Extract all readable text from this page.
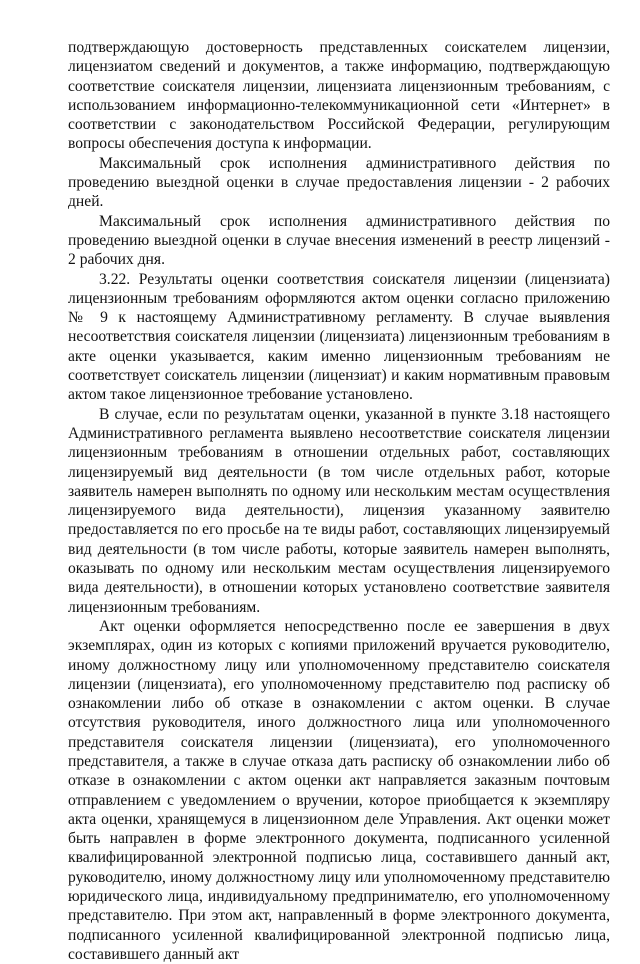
подтверждающую достоверность представленных соискателем лицензии, лицензиатом сведений и документов, а также информацию, подтверждающую соответствие соискателя лицензии, лицензиата лицензионным требованиям, с использованием информационно-телекоммуникационной сети «Интернет» в соответствии с законодательством Российской Федерации, регулирующим вопросы обеспечения доступа к информации.

Максимальный срок исполнения административного действия по проведению выездной оценки в случае предоставления лицензии - 2 рабочих дней.

Максимальный срок исполнения административного действия по проведению выездной оценки в случае внесения изменений в реестр лицензий - 2 рабочих дня.

3.22. Результаты оценки соответствия соискателя лицензии (лицензиата) лицензионным требованиям оформляются актом оценки согласно приложению № 9 к настоящему Административному регламенту. В случае выявления несоответствия соискателя лицензии (лицензиата) лицензионным требованиям в акте оценки указывается, каким именно лицензионным требованиям не соответствует соискатель лицензии (лицензиат) и каким нормативным правовым актом такое лицензионное требование установлено.

В случае, если по результатам оценки, указанной в пункте 3.18 настоящего Административного регламента выявлено несоответствие соискателя лицензии лицензионным требованиям в отношении отдельных работ, составляющих лицензируемый вид деятельности (в том числе отдельных работ, которые заявитель намерен выполнять по одному или нескольким местам осуществления лицензируемого вида деятельности), лицензия указанному заявителю предоставляется по его просьбе на те виды работ, составляющих лицензируемый вид деятельности (в том числе работы, которые заявитель намерен выполнять, оказывать по одному или нескольким местам осуществления лицензируемого вида деятельности), в отношении которых установлено соответствие заявителя лицензионным требованиям.

Акт оценки оформляется непосредственно после ее завершения в двух экземплярах, один из которых с копиями приложений вручается руководителю, иному должностному лицу или уполномоченному представителю соискателя лицензии (лицензиата), его уполномоченному представителю под расписку об ознакомлении либо об отказе в ознакомлении с актом оценки. В случае отсутствия руководителя, иного должностного лица или уполномоченного представителя соискателя лицензии (лицензиата), его уполномоченного представителя, а также в случае отказа дать расписку об ознакомлении либо об отказе в ознакомлении с актом оценки акт направляется заказным почтовым отправлением с уведомлением о вручении, которое приобщается к экземпляру акта оценки, хранящемуся в лицензионном деле Управления. Акт оценки может быть направлен в форме электронного документа, подписанного усиленной квалифицированной электронной подписью лица, составившего данный акт, руководителю, иному должностному лицу или уполномоченному представителю юридического лица, индивидуальному предпринимателю, его уполномоченному представителю. При этом акт, направленный в форме электронного документа, подписанного усиленной квалифицированной электронной подписью лица, составившего данный акт
